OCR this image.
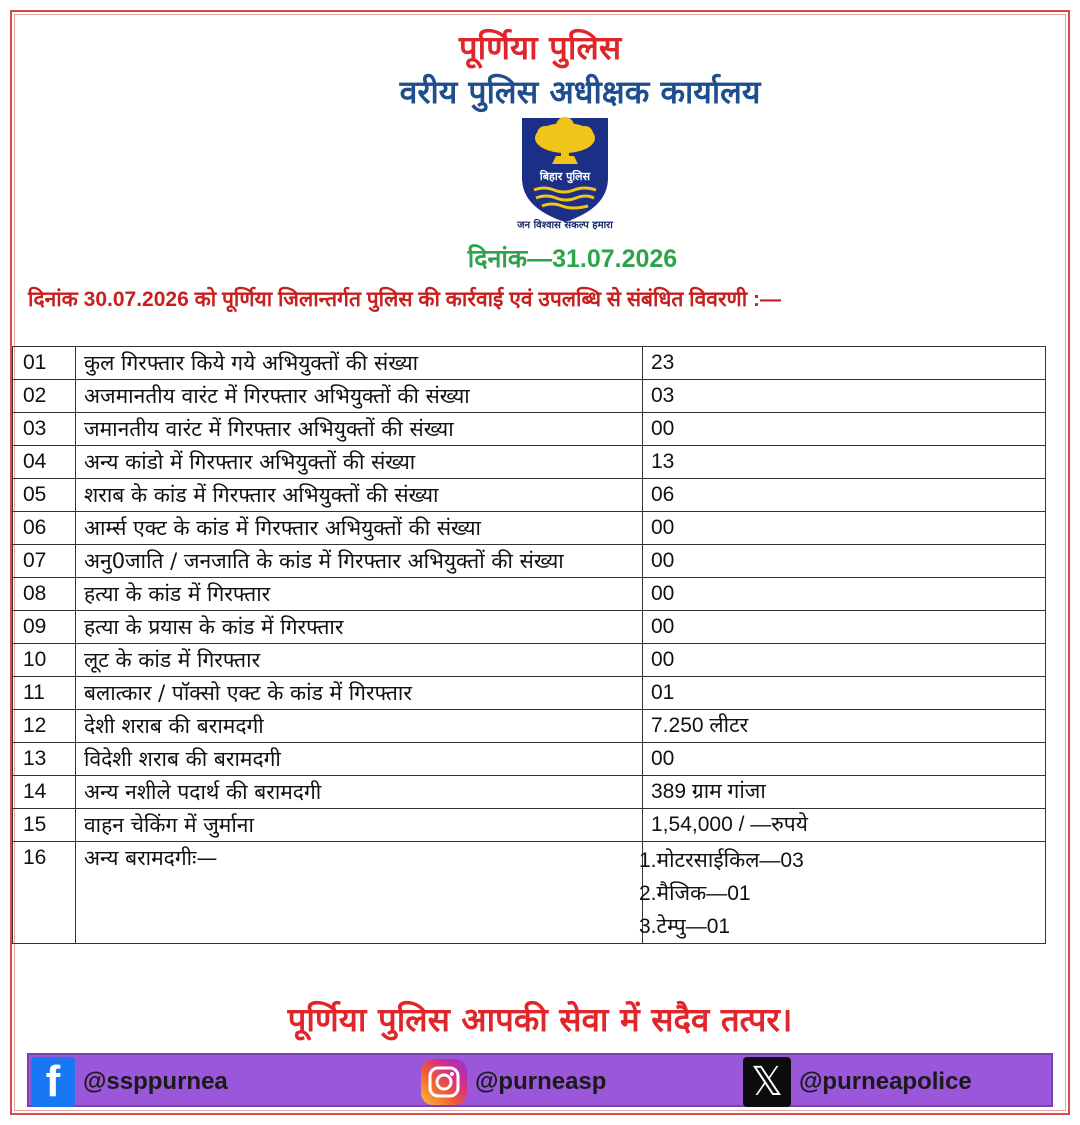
पूर्णिया पुलिस
वरीय पुलिस अधीक्षक कार्यालय
बिहार पुलिस
जन विश्वास संकल्प हमारा
दिनांक—31.07.2026
दिनांक 30.07.2026 को पूर्णिया जिलान्तर्गत पुलिस की कार्रवाई एवं उपलब्धि से संबंधित विवरणी :—
01	कुल गिरफ्तार किये गये अभियुक्तों की संख्या	23
02	अजमानतीय वारंट में गिरफ्तार अभियुक्तों की संख्या	03
03	जमानतीय वारंट में गिरफ्तार अभियुक्तों की संख्या	00
04	अन्य कांडो में गिरफ्तार अभियुक्तों की संख्या	13
05	शराब के कांड में गिरफ्तार अभियुक्तों की संख्या	06
06	आर्म्स एक्ट के कांड में गिरफ्तार अभियुक्तों की संख्या	00
07	अनु0जाति / जनजाति के कांड में गिरफ्तार अभियुक्तों की संख्या	00
08	हत्या के कांड में गिरफ्तार	00
09	हत्या के प्रयास के कांड में गिरफ्तार	00
10	लूट के कांड में गिरफ्तार	00
11	बलात्कार / पॉक्सो एक्ट के कांड में गिरफ्तार	01
12	देशी शराब की बरामदगी	7.250 लीटर
13	विदेशी शराब की बरामदगी	00
14	अन्य नशीले पदार्थ की बरामदगी	389 ग्राम गांजा
15	वाहन चेकिंग में जुर्माना	1,54,000 / —रुपये
16	अन्य बरामदगीः—	1.मोटरसाईकिल—03
2.मैजिक—01
3.टेम्पु—01
पूर्णिया पुलिस आपकी सेवा में सदैव तत्पर।
f @ssppurnea	@purneasp	𝕏 @purneapolice
